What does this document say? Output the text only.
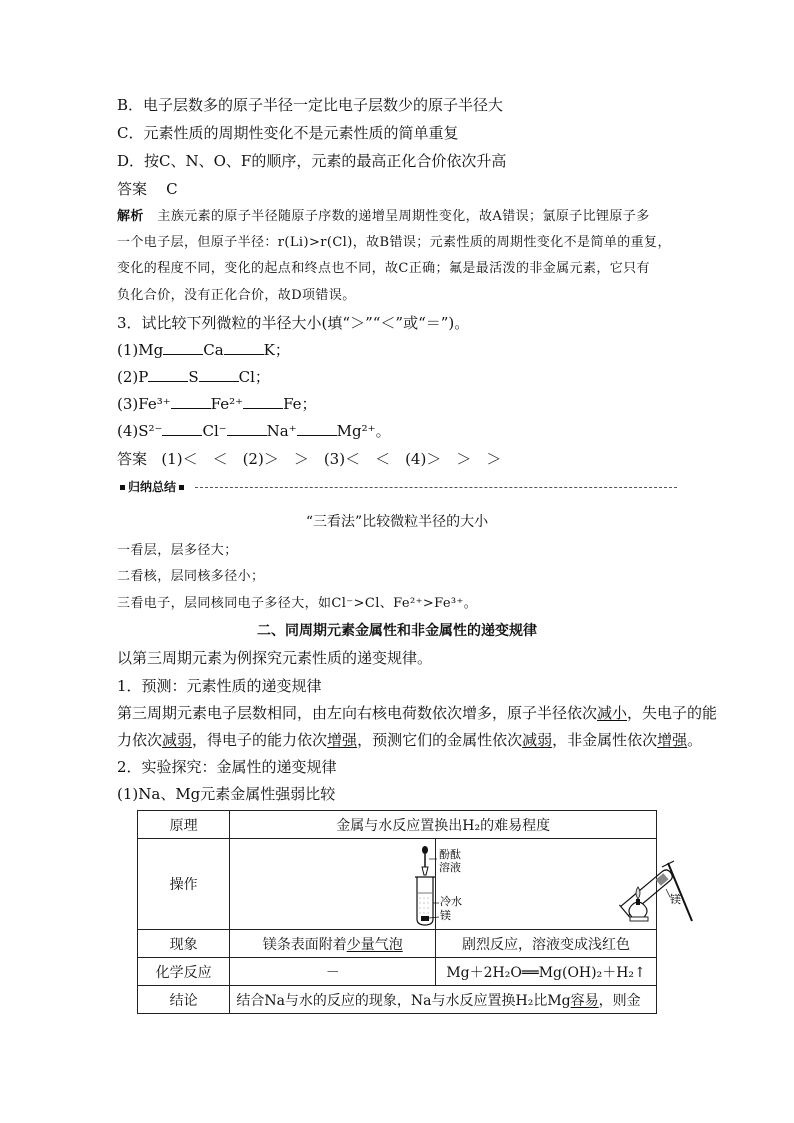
B．电子层数多的原子半径一定比电子层数少的原子半径大
C．元素性质的周期性变化不是元素性质的简单重复
D．按C、N、O、F的顺序，元素的最高正化合价依次升高
答案 C
解析 主族元素的原子半径随原子序数的递增呈周期性变化，故A错误；氯原子比锂原子多
一个电子层，但原子半径：r(Li)>r(Cl)，故B错误；元素性质的周期性变化不是简单的重复，
变化的程度不同，变化的起点和终点也不同，故C正确；氟是最活泼的非金属元素，它只有
负化合价，没有正化合价，故D项错误。
3．试比较下列微粒的半径大小(填“＞”“＜”或“＝”)。
(1)Mg	Ca	K；
(2)P	S	Cl；
(3)Fe³⁺	Fe²⁺	Fe；
(4)S²⁻	Cl⁻	Na⁺	Mg²⁺。
答案 (1)＜　＜　(2)＞　＞　(3)＜　＜　(4)＞　＞　＞
归纳总结
“三看法”比较微粒半径的大小
一看层，层多径大；
二看核，层同核多径小；
三看电子，层同核同电子多径大，如Cl⁻>Cl、Fe²⁺>Fe³⁺。
二、同周期元素金属性和非金属性的递变规律
以第三周期元素为例探究元素性质的递变规律。
1．预测：元素性质的递变规律
第三周期元素电子层数相同，由左向右核电荷数依次增多，原子半径依次减小，失电子的能
力依次减弱，得电子的能力依次增强，预测它们的金属性依次减弱，非金属性依次增强。
2．实验探究：金属性的递变规律
(1)Na、Mg元素金属性强弱比较
原理	金属与水反应置换出H₂的难易程度	
操作	酚酞
溶液
冷水
镁	镁

现象	镁条表面附着少量气泡	剧烈反应，溶液变成浅红色
化学反应	－	Mg＋2H₂O══Mg(OH)₂＋H₂↑
结论	结合Na与水的反应的现象，Na与水反应置换H₂比Mg容易，则金	
